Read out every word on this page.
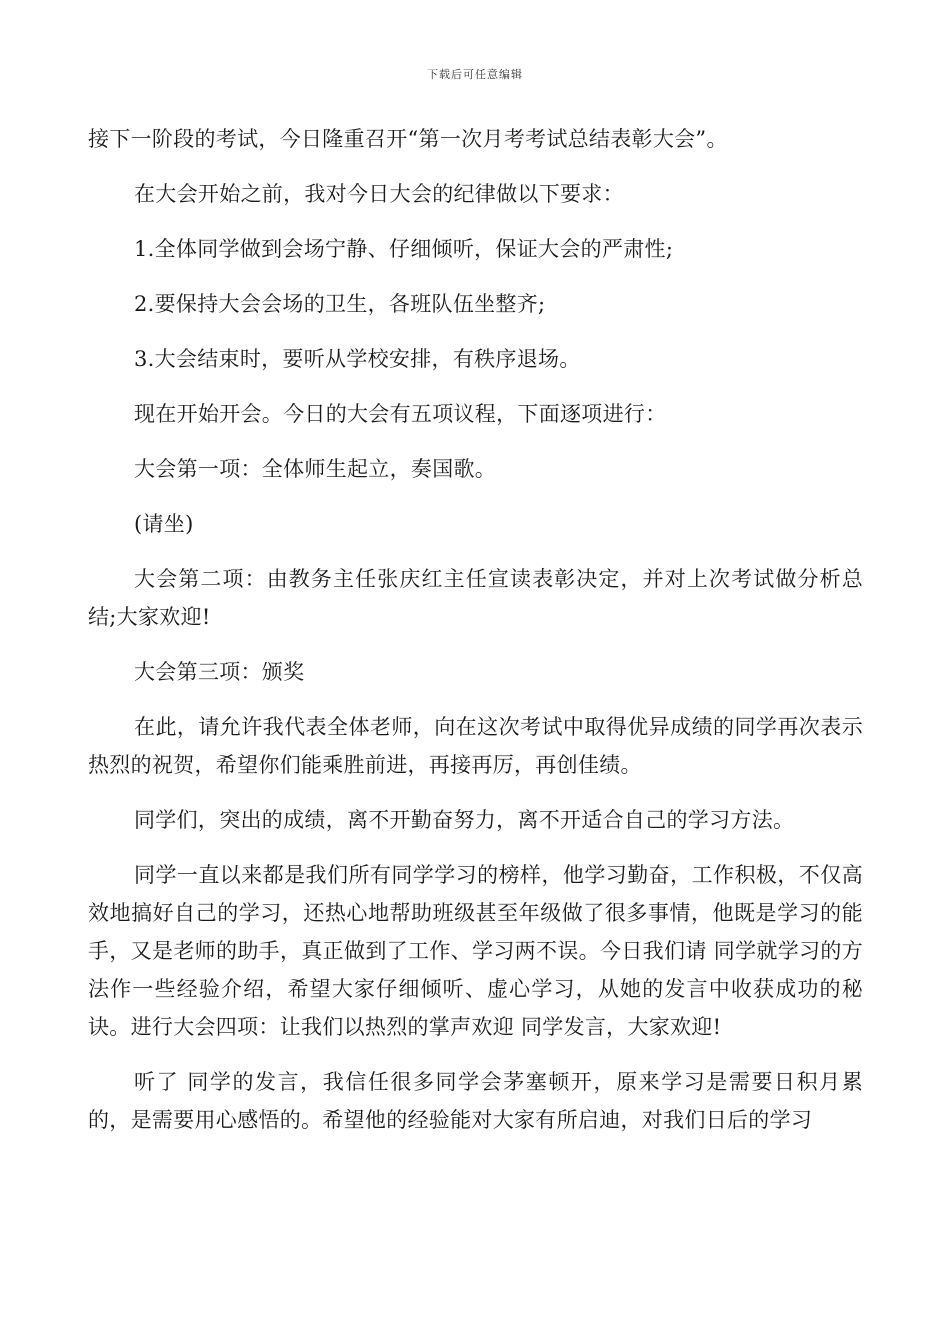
下载后可任意编辑

接下一阶段的考试，今日隆重召开“第一次月考考试总结表彰大会”。

在大会开始之前，我对今日大会的纪律做以下要求：

1.全体同学做到会场宁静、仔细倾听，保证大会的严肃性;

2.要保持大会会场的卫生，各班队伍坐整齐;

3.大会结束时，要听从学校安排，有秩序退场。

现在开始开会。今日的大会有五项议程，下面逐项进行：

大会第一项：全体师生起立，奏国歌。

(请坐)

大会第二项：由教务主任张庆红主任宣读表彰决定，并对上次考试做分析总结;大家欢迎!

大会第三项：颁奖

在此，请允许我代表全体老师，向在这次考试中取得优异成绩的同学再次表示热烈的祝贺，希望你们能乘胜前进，再接再厉，再创佳绩。

同学们，突出的成绩，离不开勤奋努力，离不开适合自己的学习方法。

同学一直以来都是我们所有同学学习的榜样，他学习勤奋，工作积极，不仅高效地搞好自己的学习，还热心地帮助班级甚至年级做了很多事情，他既是学习的能手，又是老师的助手，真正做到了工作、学习两不误。今日我们请 同学就学习的方法作一些经验介绍，希望大家仔细倾听、虚心学习，从她的发言中收获成功的秘诀。进行大会四项：让我们以热烈的掌声欢迎 同学发言，大家欢迎!

听了 同学的发言，我信任很多同学会茅塞顿开，原来学习是需要日积月累的，是需要用心感悟的。希望他的经验能对大家有所启迪，对我们日后的学习
